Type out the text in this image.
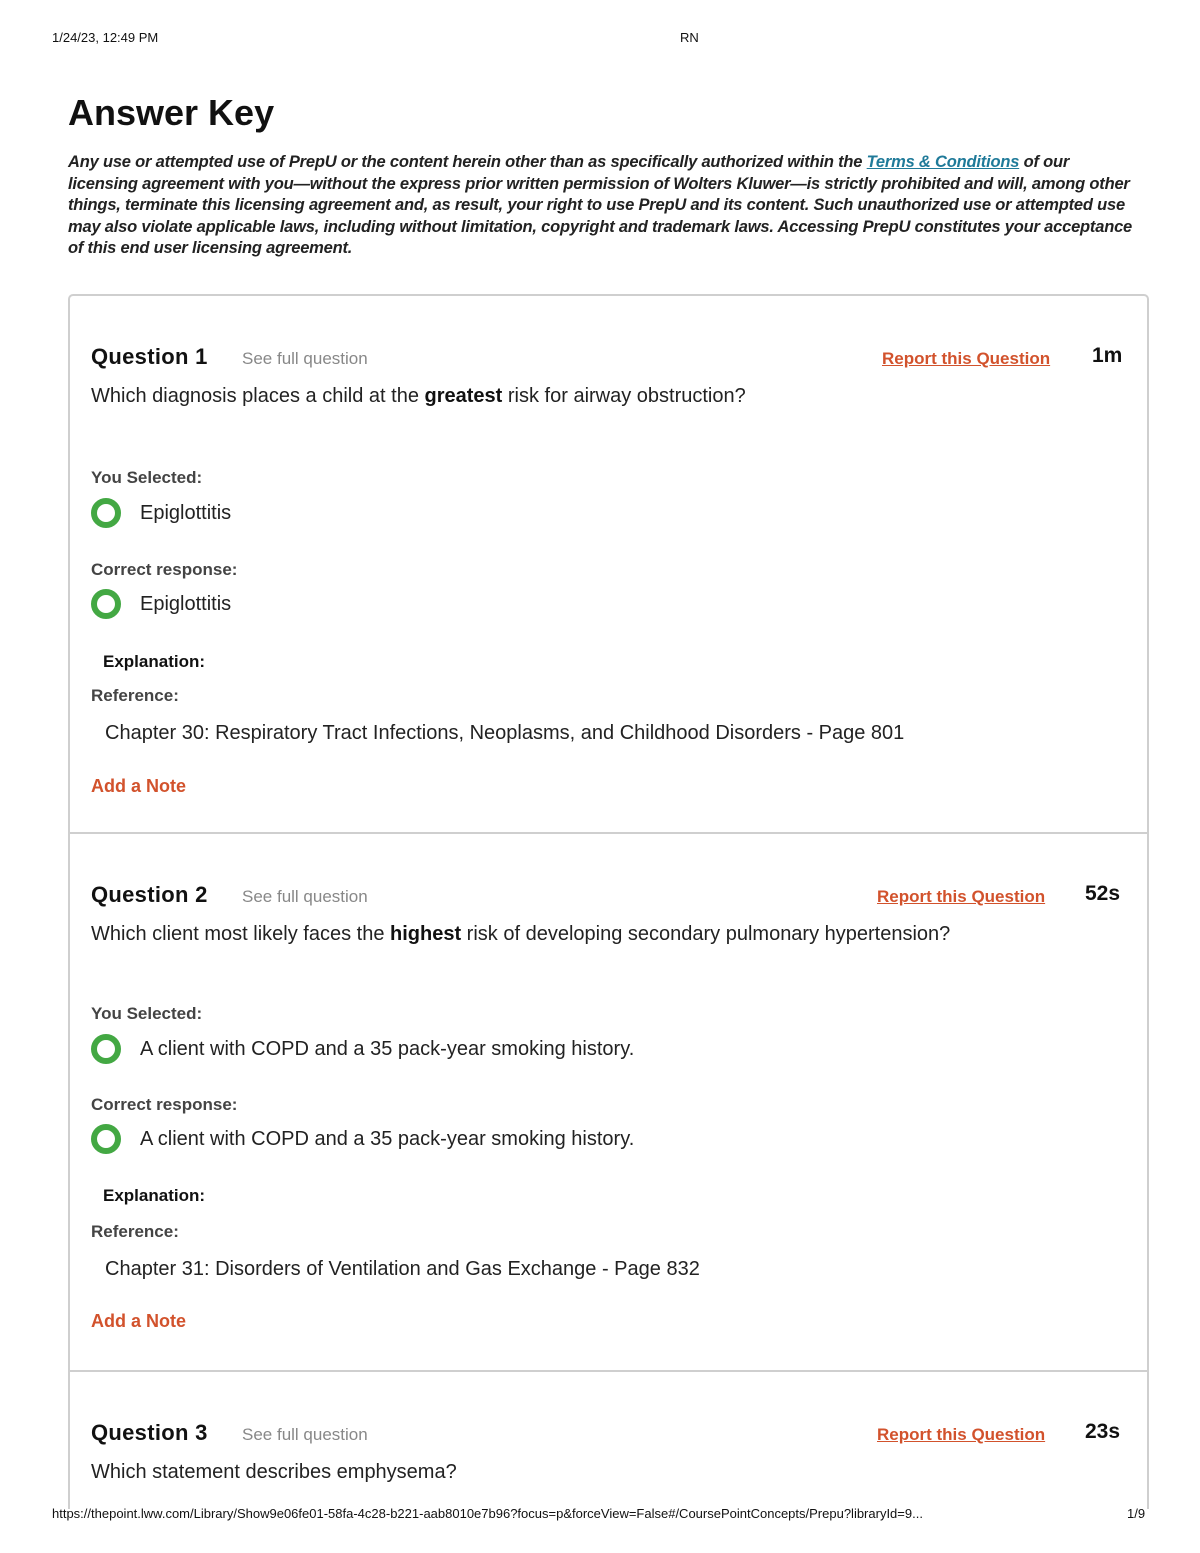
1/24/23, 12:49 PM	RN
Answer Key

Any use or attempted use of PrepU or the content herein other than as specifically authorized within the Terms & Conditions of our licensing agreement with you—without the express prior written permission of Wolters Kluwer—is strictly prohibited and will, among other things, terminate this licensing agreement and, as result, your right to use PrepU and its content. Such unauthorized use or attempted use may also violate applicable laws, including without limitation, copyright and trademark laws. Accessing PrepU constitutes your acceptance of this end user licensing agreement.

Question 1 See full question	Report this Question 1m

Which diagnosis places a child at the greatest risk for airway obstruction?

You Selected:
Epiglottitis
Correct response:
Epiglottitis
Explanation:
Reference:
Chapter 30: Respiratory Tract Infections, Neoplasms, and Childhood Disorders - Page 801
Add a Note
Question 2 See full question	Report this Question 52s

Which client most likely faces the highest risk of developing secondary pulmonary hypertension?

You Selected:
A client with COPD and a 35 pack-year smoking history.
Correct response:
A client with COPD and a 35 pack-year smoking history.
Explanation:
Reference:
Chapter 31: Disorders of Ventilation and Gas Exchange - Page 832
Add a Note
Question 3 See full question	Report this Question 23s

Which statement describes emphysema?

https://thepoint.lww.com/Library/Show9e06fe01-58fa-4c28-b221-aab8010e7b96?focus=p&forceView=False#/CoursePointConcepts/Prepu?libraryId=9...	1/9
